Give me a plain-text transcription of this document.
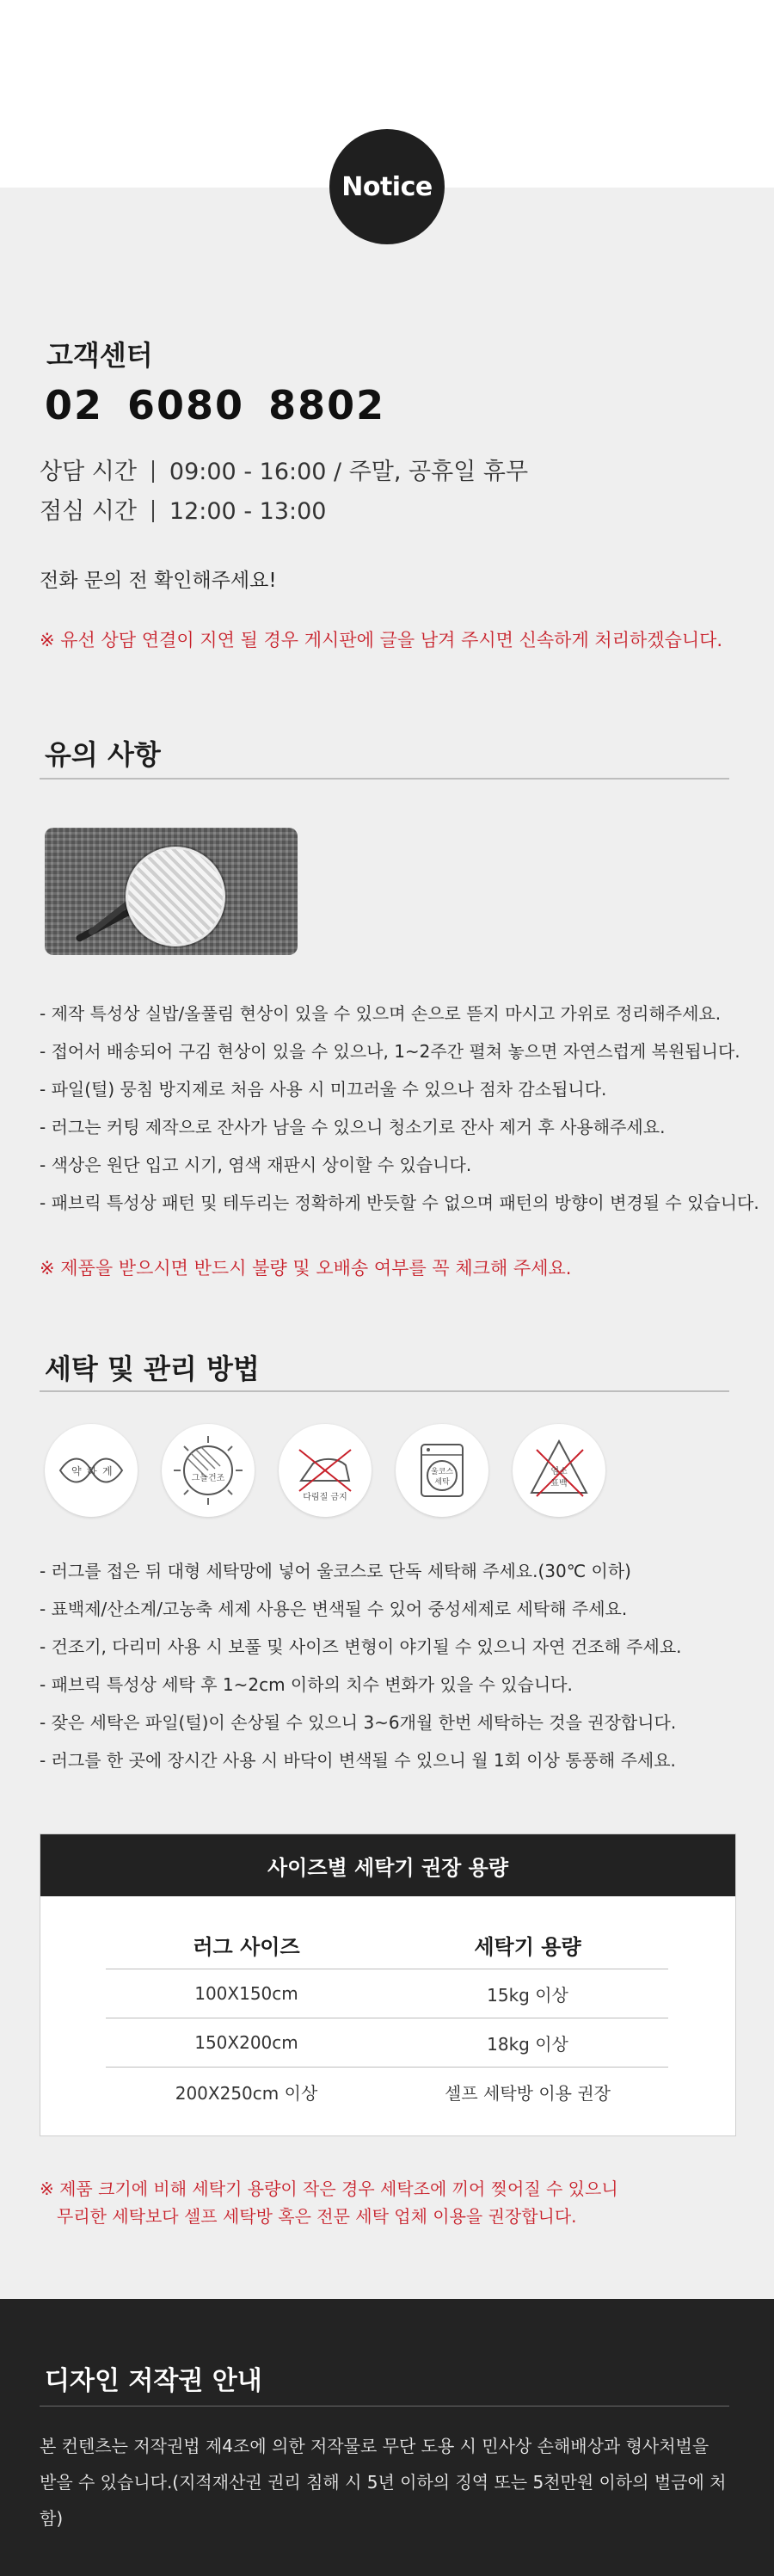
Notice
고객센터
02 6080 8802
상담 시간 09:00 - 16:00 / 주말, 공휴일 휴무
점심 시간 12:00 - 13:00
전화 문의 전 확인해주세요!
※ 유선 상담 연결이 지연 될 경우 게시판에 글을 남겨 주시면 신속하게 처리하겠습니다.
유의 사항
- 제작 특성상 실밥/올풀림 현상이 있을 수 있으며 손으로 뜯지 마시고 가위로 정리해주세요.
- 접어서 배송되어 구김 현상이 있을 수 있으나, 1~2주간 펼쳐 놓으면 자연스럽게 복원됩니다.
- 파일(털) 뭉침 방지제로 처음 사용 시 미끄러울 수 있으나 점차 감소됩니다.
- 러그는 커팅 제작으로 잔사가 남을 수 있으니 청소기로 잔사 제거 후 사용해주세요.
- 색상은 원단 입고 시기, 염색 재판시 상이할 수 있습니다.
- 패브릭 특성상 패턴 및 테두리는 정확하게 반듯할 수 없으며 패턴의 방향이 변경될 수 있습니다.
※ 제품을 받으시면 반드시 불량 및 오배송 여부를 꼭 체크해 주세요.
세탁 및 관리 방법
약 하 게
그늘건조
다림질 금지
울코스
세탁
염소
표백
- 러그를 접은 뒤 대형 세탁망에 넣어 울코스로 단독 세탁해 주세요.(30℃ 이하)
- 표백제/산소계/고농축 세제 사용은 변색될 수 있어 중성세제로 세탁해 주세요.
- 건조기, 다리미 사용 시 보풀 및 사이즈 변형이 야기될 수 있으니 자연 건조해 주세요.
- 패브릭 특성상 세탁 후 1~2cm 이하의 치수 변화가 있을 수 있습니다.
- 잦은 세탁은 파일(털)이 손상될 수 있으니 3~6개월 한번 세탁하는 것을 권장합니다.
- 러그를 한 곳에 장시간 사용 시 바닥이 변색될 수 있으니 월 1회 이상 통풍해 주세요.
사이즈별 세탁기 권장 용량
러그 사이즈	세탁기 용량
100X150cm	15kg 이상
150X200cm	18kg 이상
200X250cm 이상	셀프 세탁방 이용 권장
※ 제품 크기에 비해 세탁기 용량이 작은 경우 세탁조에 끼어 찢어질 수 있으니
무리한 세탁보다 셀프 세탁방 혹은 전문 세탁 업체 이용을 권장합니다.
디자인 저작권 안내
본 컨텐츠는 저작권법 제4조에 의한 저작물로 무단 도용 시 민사상 손해배상과 형사처벌을
받을 수 있습니다.(지적재산권 권리 침해 시 5년 이하의 징역 또는 5천만원 이하의 벌금에 처함)
